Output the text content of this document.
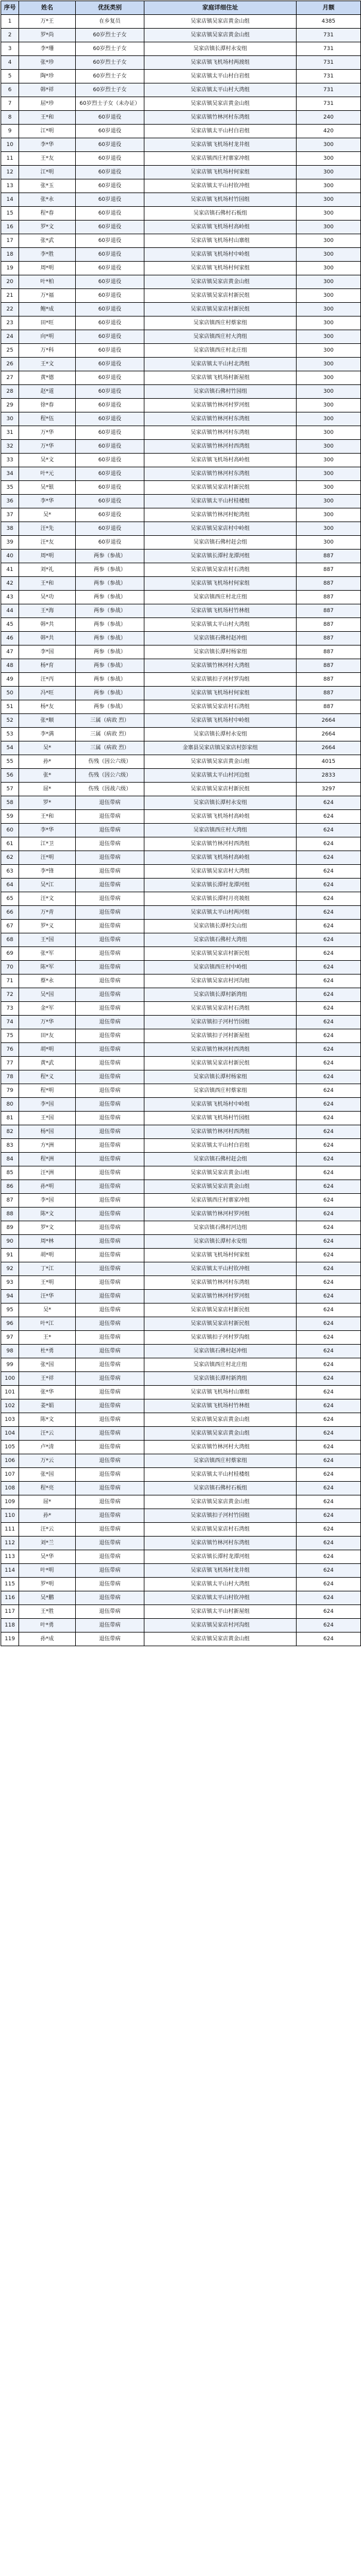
序号	姓名	优抚类别	家庭详细住址	月额
1	万*王	在乡复员	吴家店镇吴家店黄金山组	4385
2	罗*尚	60岁烈士子女	吴家店镇吴家店黄金山组	731
3	李*珊	60岁烈士子女	吴家店镇长潭村永安组	731
4	张*珍	60岁烈士子女	吴家店镇飞机场村两渡组	731
5	陶*珍	60岁烈士子女	吴家店镇太平山村白岩组	731
6	韩*祥	60岁烈士子女	吴家店镇太平山村大湾组	731
7	屈*珍	60岁烈士子女（未办证）	吴家店镇吴家店黄金山组	731
8	王*和	60岁退役	吴家店镇竹林河村东湾组	240
9	江*明	60岁退役	吴家店镇太平山村白岩组	420
10	李*华	60岁退役	吴家店镇飞机场村龙井组	300
11	王*友	60岁退役	吴家店镇西庄村寨家冲组	300
12	江*明	60岁退役	吴家店镇飞机场村何家组	300
13	张*玉	60岁退役	吴家店镇太平山村钦冲组	300
14	张*永	60岁退役	吴家店镇飞机场村竹园组	300
15	程*春	60岁退役	吴家店镇石佛村石板组	300
16	罗*文	60岁退役	吴家店镇飞机场村高岭组	300
17	张*武	60岁退役	吴家店镇飞机场村山寨组	300
18	李*胜	60岁退役	吴家店镇飞机场村中岭组	300
19	周*明	60岁退役	吴家店镇飞机场村何家组	300
20	叶*柏	60岁退役	吴家店镇吴家店黄金山组	300
21	万*福	60岁退役	吴家店镇吴家店村新民组	300
22	鲍*成	60岁退役	吴家店镇吴家店村新民组	300
23	田*旺	60岁退役	吴家店镇西庄村蔡家组	300
24	向*明	60岁退役	吴家店镇西庄村大湾组	300
25	万*科	60岁退役	吴家店镇西庄村北庄组	300
26	王*文	60岁退役	吴家店镇太平山村北湾组	300
27	黄*德	60岁退役	吴家店镇飞机场村新屋组	300
28	赵*道	60岁退役	吴家店镇石佛村竹园组	300
29	徐*春	60岁退役	吴家店镇竹林河村罗河组	300
30	程*伍	60岁退役	吴家店镇竹林河村东湾组	300
31	万*华	60岁退役	吴家店镇竹林河村东湾组	300
32	万*华	60岁退役	吴家店镇竹林河村西湾组	300
33	吴*文	60岁退役	吴家店镇飞机场村高岭组	300
34	叶*元	60岁退役	吴家店镇竹林河村东湾组	300
35	吴*银	60岁退役	吴家店镇吴家店村新民组	300
36	李*华	60岁退役	吴家店镇太平山村桂楼组	300
37	吴*	60岁退役	吴家店镇竹林河村蛇湾组	300
38	汪*先	60岁退役	吴家店镇吴家店村中岭组	300
39	汪*友	60岁退役	吴家店镇石佛村赶会组	300
40	周*明	两参（参战）	吴家店镇长潭村龙潭河组	887
41	刘*礼	两参（参战）	吴家店镇吴家店村石湾组	887
42	王*和	两参（参战）	吴家店镇飞机场村何家组	887
43	吴*功	两参（参战）	吴家店镇西庄村北庄组	887
44	王*海	两参（参战）	吴家店镇飞机场村竹林组	887
45	韩*共	两参（参战）	吴家店镇太平山村大湾组	887
46	韩*共	两参（参战）	吴家店镇石佛村赵冲组	887
47	李*国	两参（参战）	吴家店镇长潭村杨家组	887
48	杨*育	两参（参战）	吴家店镇竹林河村大湾组	887
49	汪*丙	两参（参战）	吴家店镇扣子河村罗沟组	887
50	冯*旺	两参（参战）	吴家店镇飞机场村何家组	887
51	杨*友	两参（参战）	吴家店镇吴家店村石湾组	887
52	张*顺	三属（病故 烈）	吴家店镇飞机场村中岭组	2664
53	李*满	三属（病故 烈）	吴家店镇长潭村永安组	2664
54	吴*	三属（病故 烈）	金寨县吴家店镇吴家店村彭家组	2664
55	孙*	伤残（因公六级）	吴家店镇吴家店黄金山组	4015
56	张*	伤残（因公六级）	吴家店镇太平山村河边组	2833
57	屈*	伤残（因战六级）	吴家店镇吴家店村新民组	3297
58	罗*	退伍带病	吴家店镇长潭村永安组	624
59	王*和	退伍带病	吴家店镇飞机场村高岭组	624
60	李*华	退伍带病	吴家店镇西庄村大湾组	624
61	江*卫	退伍带病	吴家店镇竹林河村西湾组	624
62	汪*明	退伍带病	吴家店镇飞机场村高岭组	624
63	李*锋	退伍带病	吴家店镇吴家店村大湾组	624
64	吴*江	退伍带病	吴家店镇长潭村龙潭河组	624
65	汪*文	退伍带病	吴家店镇长潭村月亮坡组	624
66	万*青	退伍带病	吴家店镇太平山村两河组	624
67	罗*义	退伍带病	吴家店镇长潭村尖山组	624
68	王*国	退伍带病	吴家店镇石佛村大湾组	624
69	张*军	退伍带病	吴家店镇吴家店村新民组	624
70	陈*军	退伍带病	吴家店镇西庄村中岭组	624
71	蔡*永	退伍带病	吴家店镇吴家店村河沟组	624
72	吴*国	退伍带病	吴家店镇长潭村新湾组	624
73	金*军	退伍带病	吴家店镇吴家店村石湾组	624
74	万*华	退伍带病	吴家店镇扣子河村竹园组	624
75	田*友	退伍带病	吴家店镇扣子河村新屋组	624
76	胡*明	退伍带病	吴家店镇竹林河村西湾组	624
77	黄*武	退伍带病	吴家店镇吴家店村新民组	624
78	程*义	退伍带病	吴家店镇长潭村杨家组	624
79	程*明	退伍带病	吴家店镇西庄村蔡家组	624
80	李*国	退伍带病	吴家店镇飞机场村中岭组	624
81	王*国	退伍带病	吴家店镇飞机场村竹园组	624
82	杨*国	退伍带病	吴家店镇竹林河村西湾组	624
83	方*洲	退伍带病	吴家店镇太平山村白岩组	624
84	程*洲	退伍带病	吴家店镇石佛村赶会组	624
85	汪*洲	退伍带病	吴家店镇吴家店黄金山组	624
86	孙*明	退伍带病	吴家店镇吴家店黄金山组	624
87	李*国	退伍带病	吴家店镇西庄村寨家冲组	624
88	陈*文	退伍带病	吴家店镇竹林河村罗河组	624
89	罗*文	退伍带病	吴家店镇石佛村河边组	624
90	周*林	退伍带病	吴家店镇长潭村永安组	624
91	胡*明	退伍带病	吴家店镇飞机场村何家组	624
92	丁*江	退伍带病	吴家店镇太平山村钦冲组	624
93	王*明	退伍带病	吴家店镇竹林河村东湾组	624
94	汪*华	退伍带病	吴家店镇竹林河村罗河组	624
95	吴*	退伍带病	吴家店镇吴家店村新民组	624
96	叶*江	退伍带病	吴家店镇吴家店村新民组	624
97	王*	退伍带病	吴家店镇扣子河村罗沟组	624
98	杜*勇	退伍带病	吴家店镇石佛村赵冲组	624
99	张*国	退伍带病	吴家店镇西庄村北庄组	624
100	王*祥	退伍带病	吴家店镇长潭村新湾组	624
101	张*华	退伍带病	吴家店镇飞机场村山寨组	624
102	姜*娟	退伍带病	吴家店镇飞机场村竹林组	624
103	陈*文	退伍带病	吴家店镇吴家店黄金山组	624
104	汪*云	退伍带病	吴家店镇吴家店黄金山组	624
105	卢*清	退伍带病	吴家店镇竹林河村大湾组	624
106	万*云	退伍带病	吴家店镇西庄村蔡家组	624
107	张*国	退伍带病	吴家店镇太平山村桂楼组	624
108	程*亮	退伍带病	吴家店镇石佛村石板组	624
109	屈*	退伍带病	吴家店镇吴家店黄金山组	624
110	孙*	退伍带病	吴家店镇扣子河村竹园组	624
111	汪*云	退伍带病	吴家店镇吴家店村石湾组	624
112	刘*兰	退伍带病	吴家店镇竹林河村东湾组	624
113	吴*华	退伍带病	吴家店镇长潭村龙潭河组	624
114	叶*明	退伍带病	吴家店镇飞机场村龙井组	624
115	罗*明	退伍带病	吴家店镇太平山村大湾组	624
116	吴*鹏	退伍带病	吴家店镇太平山村钦冲组	624
117	王*胜	退伍带病	吴家店镇太平山村新屋组	624
118	叶*勇	退伍带病	吴家店镇吴家店村河沟组	624
119	孙*成	退伍带病	吴家店镇吴家店黄金山组	624
